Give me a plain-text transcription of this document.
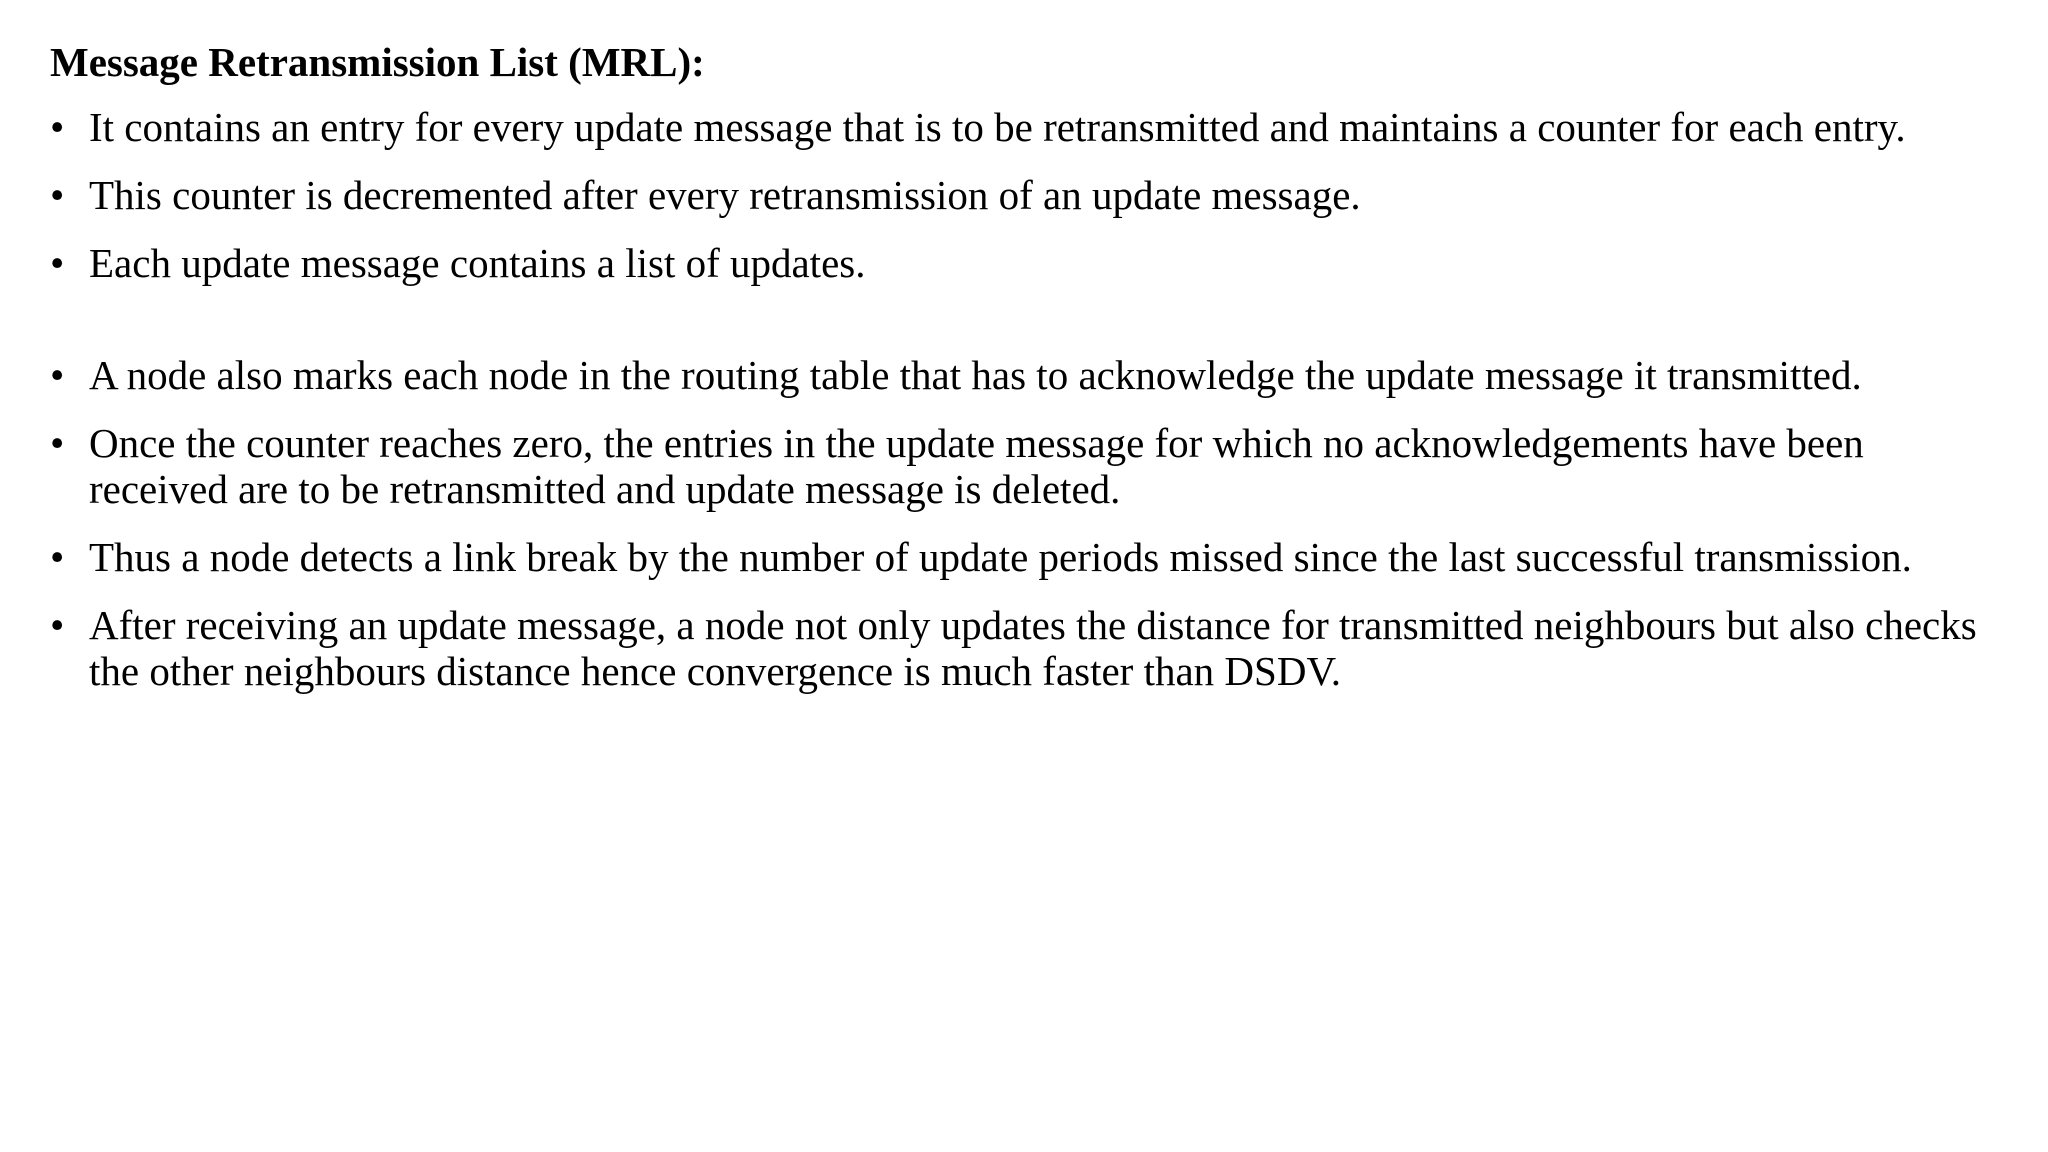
Message Retransmission List (MRL):
• It contains an entry for every update message that is to be retransmitted and maintains a counter for each entry.
• This counter is decremented after every retransmission of an update message.
• Each update message contains a list of updates.
• A node also marks each node in the routing table that has to acknowledge the update message it transmitted.
• Once the counter reaches zero, the entries in the update message for which no acknowledgements have been received are to be retransmitted and update message is deleted.
• Thus a node detects a link break by the number of update periods missed since the last successful transmission.
• After receiving an update message, a node not only updates the distance for transmitted neighbours but also checks the other neighbours distance hence convergence is much faster than DSDV.
